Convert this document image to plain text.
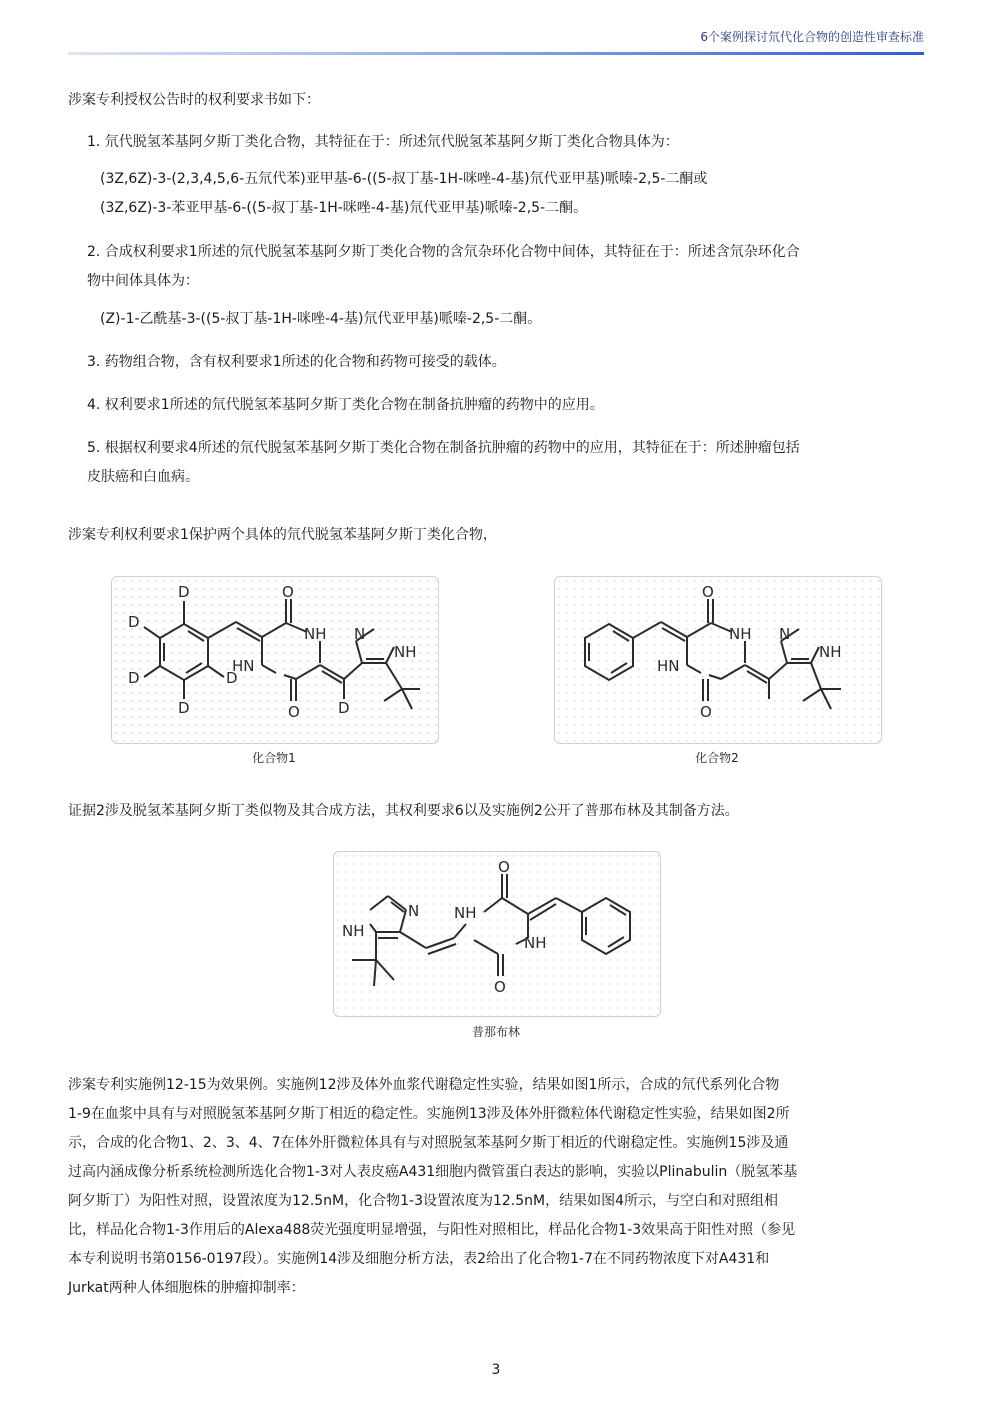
6个案例探讨氘代化合物的创造性审查标准
涉案专利授权公告时的权利要求书如下：
1. 氘代脱氢苯基阿夕斯丁类化合物，其特征在于：所述氘代脱氢苯基阿夕斯丁类化合物具体为：
(3Z,6Z)-3-(2,3,4,5,6-五氘代苯)亚甲基-6-((5-叔丁基-1H-咪唑-4-基)氘代亚甲基)哌嗪-2,5-二酮或
(3Z,6Z)-3-苯亚甲基-6-((5-叔丁基-1H-咪唑-4-基)氘代亚甲基)哌嗪-2,5-二酮。
2. 合成权利要求1所述的氘代脱氢苯基阿夕斯丁类化合物的含氘杂环化合物中间体，其特征在于：所述含氘杂环化合
物中间体具体为：
(Z)-1-乙酰基-3-((5-叔丁基-1H-咪唑-4-基)氘代亚甲基)哌嗪-2,5-二酮。
3. 药物组合物，含有权利要求1所述的化合物和药物可接受的载体。
4. 权利要求1所述的氘代脱氢苯基阿夕斯丁类化合物在制备抗肿瘤的药物中的应用。
5. 根据权利要求4所述的氘代脱氢苯基阿夕斯丁类化合物在制备抗肿瘤的药物中的应用，其特征在于：所述肿瘤包括
皮肤癌和白血病。
涉案专利权利要求1保护两个具体的氘代脱氢苯基阿夕斯丁类化合物，
D
D
D
D
D
D
O
O
NH
HN
N
NH
化合物1
O
O
NH
HN
N
NH
化合物2
证据2涉及脱氢苯基阿夕斯丁类似物及其合成方法，其权利要求6以及实施例2公开了普那布林及其制备方法。
N
NH
O
O
NH
NH
普那布林
涉案专利实施例12-15为效果例。实施例12涉及体外血浆代谢稳定性实验，结果如图1所示，合成的氘代系列化合物
1-9在血浆中具有与对照脱氢苯基阿夕斯丁相近的稳定性。实施例13涉及体外肝微粒体代谢稳定性实验，结果如图2所
示，合成的化合物1、2、3、4、7在体外肝微粒体具有与对照脱氢苯基阿夕斯丁相近的代谢稳定性。实施例15涉及通
过高内涵成像分析系统检测所选化合物1-3对人表皮癌A431细胞内微管蛋白表达的影响，实验以Plinabulin（脱氢苯基
阿夕斯丁）为阳性对照，设置浓度为12.5nM，化合物1-3设置浓度为12.5nM，结果如图4所示，与空白和对照组相
比，样品化合物1-3作用后的Alexa488荧光强度明显增强，与阳性对照相比，样品化合物1-3效果高于阳性对照（参见
本专利说明书第0156-0197段）。实施例14涉及细胞分析方法，表2给出了化合物1-7在不同药物浓度下对A431和
Jurkat两种人体细胞株的肿瘤抑制率：
3
